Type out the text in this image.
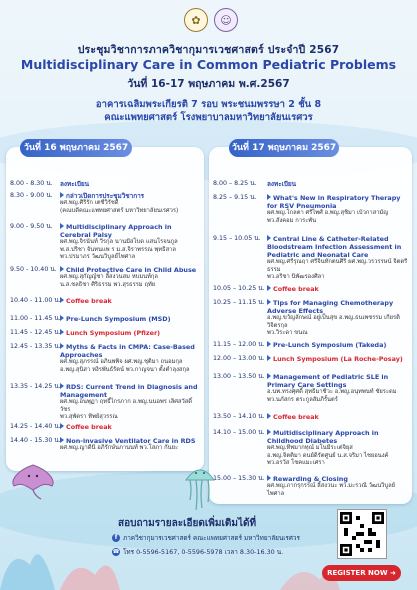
✿	☺
ประชุมวิชาการภาควิชากุมารเวชศาสตร์ ประจำปี 2567
Multidisciplinary Care in Common Pediatric Problems
วันที่ 16-17 พฤษภาคม พ.ศ.2567
อาคารเฉลิมพระเกียรติ 7 รอบ พระชนมพรรษา 2 ชั้น 8
คณะแพทยศาสตร์ โรงพยาบาลมหาวิทยาลัยนเรศวร
วันที่ 16 พฤษภาคม 2567
8.00 - 8.30 น.	ลงทะเบียน
8.30 - 9.00 น.	กล่าวเปิดการประชุมวิชาการ
ผศ.พญ.ศิริรัก เตชีวิรัชดี
(คณบดีคณะแพทยศาสตร์ มหาวิทยาลัยนเรศวร)
9.00 - 9.50 น.	Multidisciplinary Approach in Cerebral Palsy
ผศ.พญ.จิรนันท์ วีรกุล นานมีสโบด แสนโรจนกูล
พ.ส.ปริชา จันทนแพ ร ม.ส.จิราพรรณ พุทธิสาล
พว.ปรมาภร วัฒนวิบูลย์ไพศาล
9.50 - 10.40 น.	Child Protective Care in Child Abuse
ผศ.พญ.สุกัญญ์ชา ลี้สงวนสม หบมนท์กุล
น.ส.ชลธิชา ศิริธรรม พว.สุรธรรม ฤทัย
10.40 - 11.00 น. Coffee break
11.00 - 11.45 น. Pre-Lunch Symposium (MSD)
11.45 - 12.45 น. Lunch Symposium (Pfizer)
12.45 - 13.35 น. Myths & Facts in CMPA: Case-Based Approaches
ผศ.พญ.สุภรรณ์ อภินพพิจ ผศ.พญ.ชุติมา ถนอมกุล
อ.พญ.สุนิสา หงิรพันธ์รัตน์ พว.กาญจนา ตั้งตำลุงสกุล
13.35 - 14.25 น. RDS: Current Trend in Diagnosis and Management
ผศ.พญ.อนพุฏา ฤทธิ์ไกรภาก อ.พญ.นนอพร เลิศสวัสดิ์วัชร
พว.สุพัตรา ทิพย์สุวรรณ
14.25 - 14.40 น. Coffee break
14.40 - 15.30 น. Non-invasive Ventilator Care in RDS
ผศ.พญ.ญาดีนี อภิรักษ์นภานนท์ พว.โสภา กันยะ
วันที่ 17 พฤษภาคม 2567
8.00 – 8.25 น.	ลงทะเบียน
8.25 – 9.15 น.	What's New in Respiratory Therapy for RSV Pneumonia
ผศ.พญ.โกลตา ศรีไพศ์ อ.พญ.สุชิมา เบ้วกาสามัญ
พว.สังคอม การะพัน
9.15 – 10.05 น.	Central Line & Catheter-Related Bloodstream Infection Assessment in Pediatric and Neonatal Care
ผศ.พญ.ศรีรุณฤา ศรีจินทักตนศิริ ผศ.พญ.วรวรรษน์ จิตตรีธรรม
พว.อริชา นิพัฒรองศิลา
10.05 – 10.25 น.	Coffee break
10.25 – 11.15 น.	Tips for Managing Chemotherapy Adverse Effects
อ.พญ.ขวัญลักษณ์ อยู่เป็นสุข อ.พญ.ธนเพชรรม เกียรติวิจิตรกุล
พว.วิระดา ขนณ
11.15 – 12.00 น.	Pre-Lunch Symposium (Takeda)
12.00 – 13.00 น.	Lunch Symposium (La Roche-Posay)
13.00 – 13.50 น.	Management of Pediatric SLE in Primary Care Settings
อ.นพ.ทรงศุศดิ์ สุทธิมาชีวะ อ.พญ.อนุทพนท์ ชัยระดม
พว.นภัสกร ตระกูลสัมภิรั้นตร์
13.50 – 14.10 น.	Coffee break
14.10 – 15.00 น.	Multidisciplinary Approach in Childhood Diabetes
ผศ.พญ.ทิพมากทุณ์ มโนมีระเต่จิยุส
อ.พญ.จิตติมา ดนย์ดิรัตศูนย์ น.ส.จริมา ไชยอนงค์
พว.อรวัส โชคแมะเศรา
15.00 – 15.30 น.	Rewarding & Closing
ผศ.พญ.ภากรุกรรณ์ ลี้สงวนะ พว.มะรวณี วัฒนวิบูลย์ไพศาล
สอบถามรายละเอียดเพิ่มเติมได้ที่
f ภาควิชากุมารเวชศาสตร์ คณะแพทยศาสตร์ มหาวิทยาลัยนเรศวร
☎ โทร 0-5596-5167, 0-5596-5978 เวลา 8.30-16.30 น.
REGISTER NOW ➜
